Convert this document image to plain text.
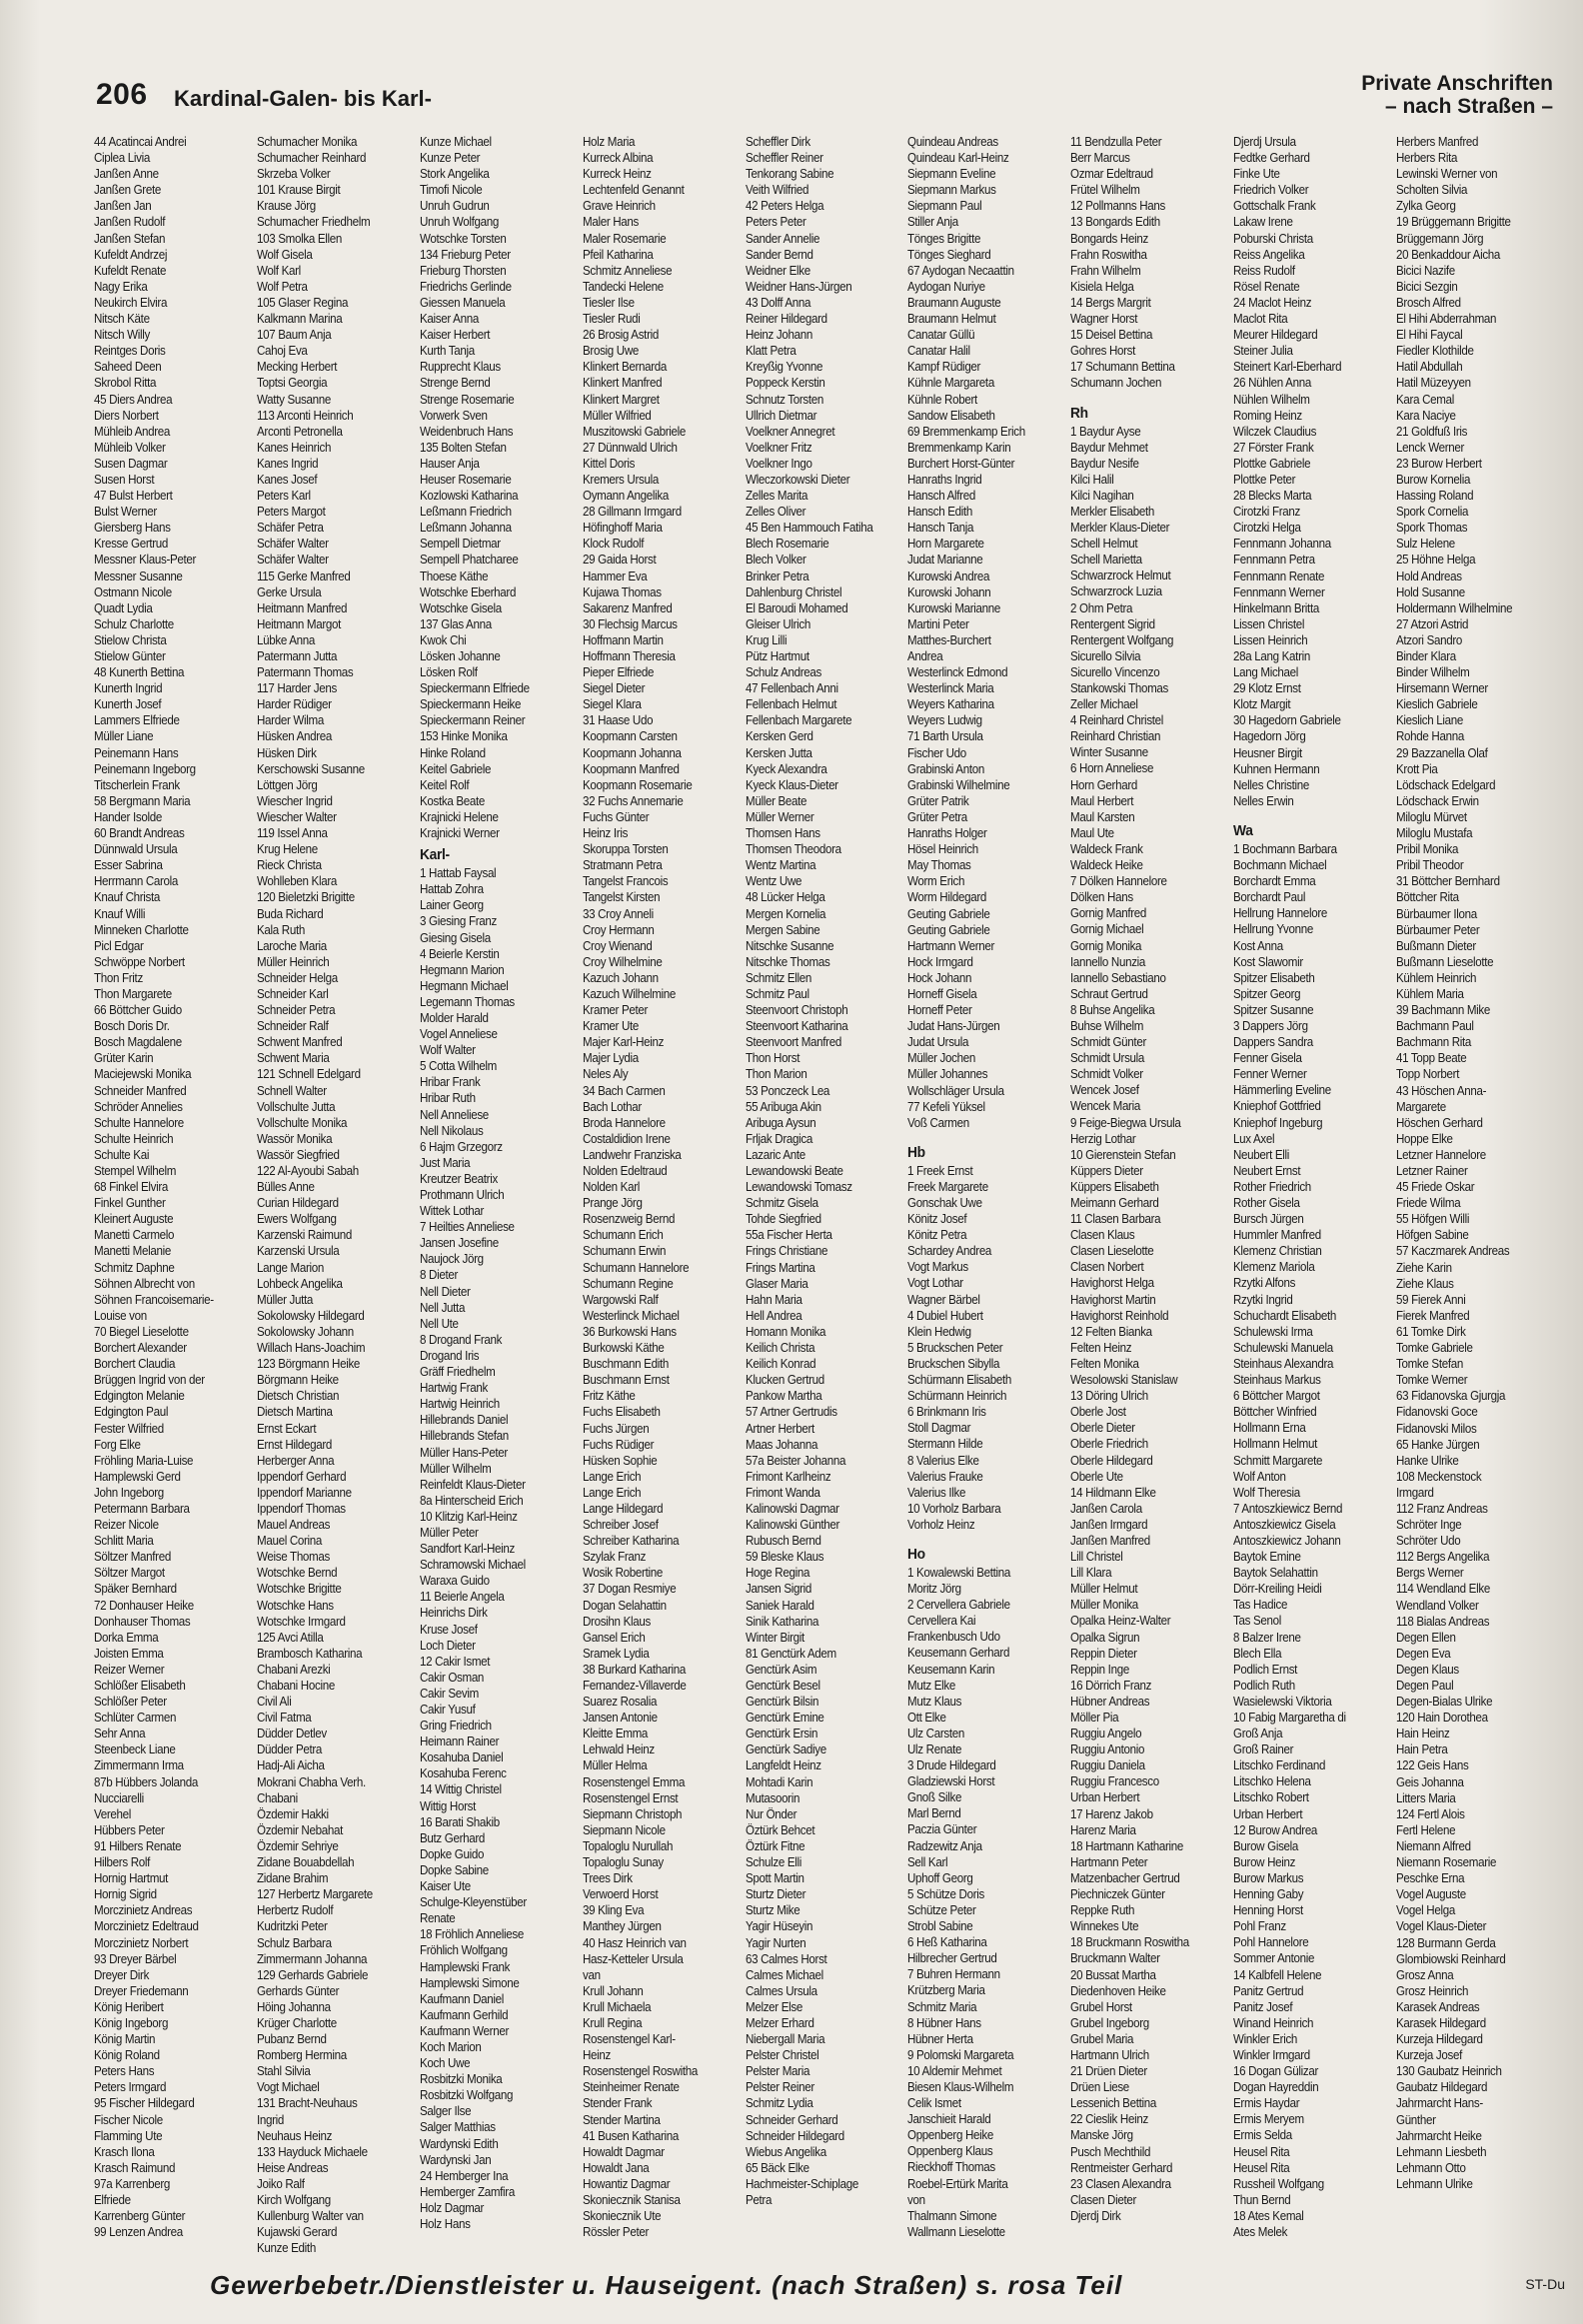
206 Kardinal-Galen- bis Karl-
Private Anschriften
– nach Straßen –
44 Acatincai Andrei
Ciplea Livia
Janßen Anne
Janßen Grete
Janßen Jan
Janßen Rudolf
Janßen Stefan
Kufeldt Andrzej
Kufeldt Renate
Nagy Erika
Neukirch Elvira
Nitsch Käte
Nitsch Willy
Reintges Doris
Saheed Deen
Skrobol Ritta
45 Diers Andrea
Diers Norbert
Mühleib Andrea
Mühleib Volker
Susen Dagmar
Susen Horst
47 Bulst Herbert
Bulst Werner
Giersberg Hans
Kresse Gertrud
Messner Klaus-Peter
Messner Susanne
Ostmann Nicole
Quadt Lydia
Schulz Charlotte
Stielow Christa
Stielow Günter
48 Kunerth Bettina
Kunerth Ingrid
Kunerth Josef
Lammers Elfriede
Müller Liane
Peinemann Hans
Peinemann Ingeborg
Titscherlein Frank
58 Bergmann Maria
Hander Isolde
60 Brandt Andreas
Dünnwald Ursula
Esser Sabrina
Herrmann Carola
Knauf Christa
Knauf Willi
Minneken Charlotte
Picl Edgar
Schwöppe Norbert
Thon Fritz
Thon Margarete
66 Böttcher Guido
Bosch Doris Dr.
Bosch Magdalene
Grüter Karin
Maciejewski Monika
Schneider Manfred
Schröder Annelies
Schulte Hannelore
Schulte Heinrich
Schulte Kai
Stempel Wilhelm
68 Finkel Elvira
Finkel Gunther
Kleinert Auguste
Manetti Carmelo
Manetti Melanie
Schmitz Daphne
Söhnen Albrecht von
Söhnen Francoisemarie-
Louise von
70 Biegel Lieselotte
Borchert Alexander
Borchert Claudia
Brüggen Ingrid von der
Edgington Melanie
Edgington Paul
Fester Wilfried
Forg Elke
Fröhling Maria-Luise
Hamplewski Gerd
John Ingeborg
Petermann Barbara
Reizer Nicole
Schlitt Maria
Söltzer Manfred
Söltzer Margot
Späker Bernhard
72 Donhauser Heike
Donhauser Thomas
Dorka Emma
Joisten Emma
Reizer Werner
Schlößer Elisabeth
Schlößer Peter
Schlüter Carmen
Sehr Anna
Steenbeck Liane
Zimmermann Irma
87b Hübbers Jolanda
Nucciarelli
Verehel
Hübbers Peter
91 Hilbers Renate
Hilbers Rolf
Hornig Hartmut
Hornig Sigrid
Morczinietz Andreas
Morczinietz Edeltraud
Morczinietz Norbert
93 Dreyer Bärbel
Dreyer Dirk
Dreyer Friedemann
König Heribert
König Ingeborg
König Martin
König Roland
Peters Hans
Peters Irmgard
95 Fischer Hildegard
Fischer Nicole
Flamming Ute
Krasch Ilona
Krasch Raimund
97a Karrenberg
Elfriede
Karrenberg Günter
99 Lenzen Andrea
Schumacher Monika
Schumacher Reinhard
Skrzeba Volker
101 Krause Birgit
Krause Jörg
Schumacher Friedhelm
103 Smolka Ellen
Wolf Gisela
Wolf Karl
Wolf Petra
105 Glaser Regina
Kalkmann Marina
107 Baum Anja
Cahoj Eva
Mecking Herbert
Toptsi Georgia
Watty Susanne
113 Arconti Heinrich
Arconti Petronella
Kanes Heinrich
Kanes Ingrid
Kanes Josef
Peters Karl
Peters Margot
Schäfer Petra
Schäfer Walter
Schäfer Walter
115 Gerke Manfred
Gerke Ursula
Heitmann Manfred
Heitmann Margot
Lübke Anna
Patermann Jutta
Patermann Thomas
117 Harder Jens
Harder Rüdiger
Harder Wilma
Hüsken Andrea
Hüsken Dirk
Kerschowski Susanne
Löttgen Jörg
Wiescher Ingrid
Wiescher Walter
119 Issel Anna
Krug Helene
Rieck Christa
Wohlleben Klara
120 Bieletzki Brigitte
Buda Richard
Kala Ruth
Laroche Maria
Müller Heinrich
Schneider Helga
Schneider Karl
Schneider Petra
Schneider Ralf
Schwent Manfred
Schwent Maria
121 Schnell Edelgard
Schnell Walter
Vollschulte Jutta
Vollschulte Monika
Wassör Monika
Wassör Siegfried
122 Al-Ayoubi Sabah
Bülles Anne
Curian Hildegard
Ewers Wolfgang
Karzenski Raimund
Karzenski Ursula
Lange Marion
Lohbeck Angelika
Müller Jutta
Sokolowsky Hildegard
Sokolowsky Johann
Willach Hans-Joachim
123 Börgmann Heike
Börgmann Heike
Dietsch Christian
Dietsch Martina
Ernst Eckart
Ernst Hildegard
Herberger Anna
Ippendorf Gerhard
Ippendorf Marianne
Ippendorf Thomas
Mauel Andreas
Mauel Corina
Weise Thomas
Wotschke Bernd
Wotschke Brigitte
Wotschke Hans
Wotschke Irmgard
125 Avci Atilla
Brambosch Katharina
Chabani Arezki
Chabani Hocine
Civil Ali
Civil Fatma
Düdder Detlev
Düdder Petra
Hadj-Ali Aicha
Mokrani Chabha Verh.
Chabani
Özdemir Hakki
Özdemir Nebahat
Özdemir Sehriye
Zidane Bouabdellah
Zidane Brahim
127 Herbertz Margarete
Herbertz Rudolf
Kudritzki Peter
Schulz Barbara
Zimmermann Johanna
129 Gerhards Gabriele
Gerhards Günter
Höing Johanna
Krüger Charlotte
Pubanz Bernd
Romberg Hermina
Stahl Silvia
Vogt Michael
131 Bracht-Neuhaus
Ingrid
Neuhaus Heinz
133 Hayduck Michaele
Heise Andreas
Joiko Ralf
Kirch Wolfgang
Kullenburg Walter van
Kujawski Gerard
Kunze Edith
Kunze Michael
Kunze Peter
Stork Angelika
Timofi Nicole
Unruh Gudrun
Unruh Wolfgang
Wotschke Torsten
134 Frieburg Peter
Frieburg Thorsten
Friedrichs Gerlinde
Giessen Manuela
Kaiser Anna
Kaiser Herbert
Kurth Tanja
Rupprecht Klaus
Strenge Bernd
Strenge Rosemarie
Vorwerk Sven
Weidenbruch Hans
135 Bolten Stefan
Hauser Anja
Heuser Rosemarie
Kozlowski Katharina
Leßmann Friedrich
Leßmann Johanna
Sempell Dietmar
Sempell Phatcharee
Thoese Käthe
Wotschke Eberhard
Wotschke Gisela
137 Glas Anna
Kwok Chi
Lösken Johanne
Lösken Rolf
Spieckermann Elfriede
Spieckermann Heike
Spieckermann Reiner
153 Hinke Monika
Hinke Roland
Keitel Gabriele
Keitel Rolf
Kostka Beate
Krajnicki Helene
Krajnicki Werner
Karl-
1 Hattab Faysal
Hattab Zohra
Lainer Georg
3 Giesing Franz
Giesing Gisela
4 Beierle Kerstin
Hegmann Marion
Hegmann Michael
Legemann Thomas
Molder Harald
Vogel Anneliese
Wolf Walter
5 Cotta Wilhelm
Hribar Frank
Hribar Ruth
Nell Anneliese
Nell Nikolaus
6 Hajm Grzegorz
Just Maria
Kreutzer Beatrix
Prothmann Ulrich
Wittek Lothar
7 Heilties Anneliese
Jansen Josefine
Naujock Jörg
8 Dieter
Nell Dieter
Nell Jutta
Nell Ute
8 Drogand Frank
Drogand Iris
Gräff Friedhelm
Hartwig Frank
Hartwig Heinrich
Hillebrands Daniel
Hillebrands Stefan
Müller Hans-Peter
Müller Wilhelm
Reinfeldt Klaus-Dieter
8a Hinterscheid Erich
10 Klitzig Karl-Heinz
Müller Peter
Sandfort Karl-Heinz
Schramowski Michael
Waraxa Guido
11 Beierle Angela
Heinrichs Dirk
Kruse Josef
Loch Dieter
12 Cakir Ismet
Cakir Osman
Cakir Sevim
Cakir Yusuf
Gring Friedrich
Heimann Rainer
Kosahuba Daniel
Kosahuba Ferenc
14 Wittig Christel
Wittig Horst
16 Barati Shakib
Butz Gerhard
Dopke Guido
Dopke Sabine
Kaiser Ute
Schulge-Kleyenstüber
Renate
18 Fröhlich Anneliese
Fröhlich Wolfgang
Hamplewski Frank
Hamplewski Simone
Kaufmann Daniel
Kaufmann Gerhild
Kaufmann Werner
Koch Marion
Koch Uwe
Rosbitzki Monika
Rosbitzki Wolfgang
Salger Ilse
Salger Matthias
Wardynski Edith
Wardynski Jan
24 Hemberger Ina
Hemberger Zamfira
Holz Dagmar
Holz Hans
Holz Maria
Kurreck Albina
Kurreck Heinz
Lechtenfeld Genannt
Grave Heinrich
Maler Hans
Maler Rosemarie
Pfeil Katharina
Schmitz Anneliese
Tandecki Helene
Tiesler Ilse
Tiesler Rudi
26 Brosig Astrid
Brosig Uwe
Klinkert Bernarda
Klinkert Manfred
Klinkert Margret
Müller Wilfried
Muszitowski Gabriele
27 Dünnwald Ulrich
Kittel Doris
Kremers Ursula
Oymann Angelika
28 Gillmann Irmgard
Höfinghoff Maria
Klock Rudolf
29 Gaida Horst
Hammer Eva
Kujawa Thomas
Sakarenz Manfred
30 Flechsig Marcus
Hoffmann Martin
Hoffmann Theresia
Pieper Elfriede
Siegel Dieter
Siegel Klara
31 Haase Udo
Koopmann Carsten
Koopmann Johanna
Koopmann Manfred
Koopmann Rosemarie
32 Fuchs Annemarie
Fuchs Günter
Heinz Iris
Skoruppa Torsten
Stratmann Petra
Tangelst Francois
Tangelst Kirsten
33 Croy Anneli
Croy Hermann
Croy Wienand
Croy Wilhelmine
Kazuch Johann
Kazuch Wilhelmine
Kramer Peter
Kramer Ute
Majer Karl-Heinz
Majer Lydia
Neles Aly
34 Bach Carmen
Bach Lothar
Broda Hannelore
Costaldidion Irene
Landwehr Franziska
Nolden Edeltraud
Nolden Karl
Prange Jörg
Rosenzweig Bernd
Schumann Erich
Schumann Erwin
Schumann Hannelore
Schumann Regine
Wargowski Ralf
Westerlinck Michael
36 Burkowski Hans
Burkowski Käthe
Buschmann Edith
Buschmann Ernst
Fritz Käthe
Fuchs Elisabeth
Fuchs Jürgen
Fuchs Rüdiger
Hüsken Sophie
Lange Erich
Lange Erich
Lange Hildegard
Schreiber Josef
Schreiber Katharina
Szylak Franz
Wosik Robertine
37 Dogan Resmiye
Dogan Selahattin
Drosihn Klaus
Gansel Erich
Sramek Lydia
38 Burkard Katharina
Fernandez-Villaverde
Suarez Rosalia
Jansen Antonie
Kleitte Emma
Lehwald Heinz
Müller Helma
Rosenstengel Emma
Rosenstengel Ernst
Siepmann Christoph
Siepmann Nicole
Topaloglu Nurullah
Topaloglu Sunay
Trees Dirk
Verwoerd Horst
39 Kling Eva
Manthey Jürgen
40 Hasz Heinrich van
Hasz-Ketteler Ursula
van
Krull Johann
Krull Michaela
Krull Regina
Rosenstengel Karl-
Heinz
Rosenstengel Roswitha
Steinheimer Renate
Stender Frank
Stender Martina
41 Busen Katharina
Howaldt Dagmar
Howaldt Jana
Howantiz Dagmar
Skoniecznik Stanisa
Skoniecznik Ute
Rössler Peter
Scheffler Dirk
Scheffler Reiner
Tenkorang Sabine
Veith Wilfried
42 Peters Helga
Peters Peter
Sander Annelie
Sander Bernd
Weidner Elke
Weidner Hans-Jürgen
43 Dolff Anna
Reiner Hildegard
Heinz Johann
Klatt Petra
Kreyßig Yvonne
Poppeck Kerstin
Schnutz Torsten
Ullrich Dietmar
Voelkner Annegret
Voelkner Fritz
Voelkner Ingo
Wleczorkowski Dieter
Zelles Marita
Zelles Oliver
45 Ben Hammouch Fatiha
Blech Rosemarie
Blech Volker
Brinker Petra
Dahlenburg Christel
El Baroudi Mohamed
Gleiser Ulrich
Krug Lilli
Pütz Hartmut
Schulz Andreas
47 Fellenbach Anni
Fellenbach Helmut
Fellenbach Margarete
Kersken Gerd
Kersken Jutta
Kyeck Alexandra
Kyeck Klaus-Dieter
Müller Beate
Müller Werner
Thomsen Hans
Thomsen Theodora
Wentz Martina
Wentz Uwe
48 Lücker Helga
Mergen Kornelia
Mergen Sabine
Nitschke Susanne
Nitschke Thomas
Schmitz Ellen
Schmitz Paul
Steenvoort Christoph
Steenvoort Katharina
Steenvoort Manfred
Thon Horst
Thon Marion
53 Ponczeck Lea
55 Aribuga Akin
Aribuga Aysun
Frljak Dragica
Lazaric Ante
Lewandowski Beate
Lewandowski Tomasz
Schmitz Gisela
Tohde Siegfried
55a Fischer Herta
Frings Christiane
Frings Martina
Glaser Maria
Hahn Maria
Hell Andrea
Homann Monika
Keilich Christa
Keilich Konrad
Klucken Gertrud
Pankow Martha
57 Artner Gertrudis
Artner Herbert
Maas Johanna
57a Beister Johanna
Frimont Karlheinz
Frimont Wanda
Kalinowski Dagmar
Kalinowski Günther
Rubusch Bernd
59 Bleske Klaus
Hoge Regina
Jansen Sigrid
Saniek Harald
Sinik Katharina
Winter Birgit
81 Genctürk Adem
Genctürk Asim
Genctürk Besel
Genctürk Bilsin
Genctürk Emine
Genctürk Ersin
Genctürk Sadiye
Langfeldt Heinz
Mohtadi Karin
Mutasoorin
Nur Önder
Öztürk Behcet
Öztürk Fitne
Schulze Elli
Spott Martin
Sturtz Dieter
Sturtz Mike
Yagir Hüseyin
Yagir Nurten
63 Calmes Horst
Calmes Michael
Calmes Ursula
Melzer Else
Melzer Erhard
Niebergall Maria
Pelster Christel
Pelster Maria
Pelster Reiner
Schmitz Lydia
Schneider Gerhard
Schneider Hildegard
Wiebus Angelika
65 Bäck Elke
Hachmeister-Schiplage
Petra
Quindeau Andreas
Quindeau Karl-Heinz
Siepmann Eveline
Siepmann Markus
Siepmann Paul
Stiller Anja
Tönges Brigitte
Tönges Sieghard
67 Aydogan Necaattin
Aydogan Nuriye
Braumann Auguste
Braumann Helmut
Canatar Güllü
Canatar Halil
Kampf Rüdiger
Kühnle Margareta
Kühnle Robert
Sandow Elisabeth
69 Bremmenkamp Erich
Bremmenkamp Karin
Burchert Horst-Günter
Hanraths Ingrid
Hansch Alfred
Hansch Edith
Hansch Tanja
Horn Margarete
Judat Marianne
Kurowski Andrea
Kurowski Johann
Kurowski Marianne
Martini Peter
Matthes-Burchert
Andrea
Westerlinck Edmond
Westerlinck Maria
Weyers Katharina
Weyers Ludwig
71 Barth Ursula
Fischer Udo
Grabinski Anton
Grabinski Wilhelmine
Grüter Patrik
Grüter Petra
Hanraths Holger
Hösel Heinrich
May Thomas
Worm Erich
Worm Hildegard
Geuting Gabriele
Geuting Gabriele
Hartmann Werner
Hock Irmgard
Hock Johann
Horneff Gisela
Horneff Peter
Judat Hans-Jürgen
Judat Ursula
Müller Jochen
Müller Johannes
Wollschläger Ursula
77 Kefeli Yüksel
Voß Carmen
Hb
1 Freek Ernst
Freek Margarete
Gonschak Uwe
Könitz Josef
Könitz Petra
Schardey Andrea
Vogt Markus
Vogt Lothar
Wagner Bärbel
4 Dubiel Hubert
Klein Hedwig
5 Bruckschen Peter
Bruckschen Sibylla
Schürmann Elisabeth
Schürmann Heinrich
6 Brinkmann Iris
Stoll Dagmar
Stermann Hilde
8 Valerius Elke
Valerius Frauke
Valerius Ilke
10 Vorholz Barbara
Vorholz Heinz
Ho
1 Kowalewski Bettina
Moritz Jörg
2 Cervellera Gabriele
Cervellera Kai
Frankenbusch Udo
Keusemann Gerhard
Keusemann Karin
Mutz Elke
Mutz Klaus
Ott Elke
Ulz Carsten
Ulz Renate
3 Drude Hildegard
Gladziewski Horst
Gnoß Silke
Marl Bernd
Paczia Günter
Radzewitz Anja
Sell Karl
Uphoff Georg
5 Schütze Doris
Schütze Peter
Strobl Sabine
6 Heß Katharina
Hilbrecher Gertrud
7 Buhren Hermann
Krützberg Maria
Schmitz Maria
8 Hübner Hans
Hübner Herta
9 Polomski Margareta
10 Aldemir Mehmet
Biesen Klaus-Wilhelm
Celik Ismet
Janschieit Harald
Oppenberg Heike
Oppenberg Klaus
Rieckhoff Thomas
Roebel-Ertürk Marita
von
Thalmann Simone
Wallmann Lieselotte
11 Bendzulla Peter
Berr Marcus
Ozmar Edeltraud
Frütel Wilhelm
12 Pollmanns Hans
13 Bongards Edith
Bongards Heinz
Frahn Roswitha
Frahn Wilhelm
Kisiela Helga
14 Bergs Margrit
Wagner Horst
15 Deisel Bettina
Gohres Horst
17 Schumann Bettina
Schumann Jochen
Rh
1 Baydur Ayse
Baydur Mehmet
Baydur Nesife
Kilci Halil
Kilci Nagihan
Merkler Elisabeth
Merkler Klaus-Dieter
Schell Helmut
Schell Marietta
Schwarzrock Helmut
Schwarzrock Luzia
2 Ohm Petra
Rentergent Sigrid
Rentergent Wolfgang
Sicurello Silvia
Sicurello Vincenzo
Stankowski Thomas
Zeller Michael
4 Reinhard Christel
Reinhard Christian
Winter Susanne
6 Horn Anneliese
Horn Gerhard
Maul Herbert
Maul Karsten
Maul Ute
Waldeck Frank
Waldeck Heike
7 Dölken Hannelore
Dölken Hans
Gornig Manfred
Gornig Michael
Gornig Monika
Iannello Nunzia
Iannello Sebastiano
Schraut Gertrud
8 Buhse Angelika
Buhse Wilhelm
Schmidt Günter
Schmidt Ursula
Schmidt Volker
Wencek Josef
Wencek Maria
9 Feige-Biegwa Ursula
Herzig Lothar
10 Gierenstein Stefan
Küppers Dieter
Küppers Elisabeth
Meimann Gerhard
11 Clasen Barbara
Clasen Klaus
Clasen Lieselotte
Clasen Norbert
Havighorst Helga
Havighorst Martin
Havighorst Reinhold
12 Felten Bianka
Felten Heinz
Felten Monika
Wesolowski Stanislaw
13 Döring Ulrich
Oberle Jost
Oberle Dieter
Oberle Friedrich
Oberle Hildegard
Oberle Ute
14 Hildmann Elke
Janßen Carola
Janßen Irmgard
Janßen Manfred
Lill Christel
Lill Klara
Müller Helmut
Müller Monika
Opalka Heinz-Walter
Opalka Sigrun
Reppin Dieter
Reppin Inge
16 Dörrich Franz
Hübner Andreas
Möller Pia
Ruggiu Angelo
Ruggiu Antonio
Ruggiu Daniela
Ruggiu Francesco
Urban Herbert
17 Harenz Jakob
Harenz Maria
18 Hartmann Katharine
Hartmann Peter
Matzenbacher Gertrud
Piechniczek Günter
Reppke Ruth
Winnekes Ute
18 Bruckmann Roswitha
Bruckmann Walter
20 Bussat Martha
Diedenhoven Heike
Grubel Horst
Grubel Ingeborg
Grubel Maria
Hartmann Ulrich
21 Drüen Dieter
Drüen Liese
Lessenich Bettina
22 Cieslik Heinz
Manske Jörg
Pusch Mechthild
Rentmeister Gerhard
23 Clasen Alexandra
Clasen Dieter
Djerdj Dirk
Djerdj Ursula
Fedtke Gerhard
Finke Ute
Friedrich Volker
Gottschalk Frank
Lakaw Irene
Poburski Christa
Reiss Angelika
Reiss Rudolf
Rösel Renate
24 Maclot Heinz
Maclot Rita
Meurer Hildegard
Steiner Julia
Steinert Karl-Eberhard
26 Nühlen Anna
Nühlen Wilhelm
Roming Heinz
Wilczek Claudius
27 Förster Frank
Plottke Gabriele
Plottke Peter
28 Blecks Marta
Cirotzki Franz
Cirotzki Helga
Fennmann Johanna
Fennmann Petra
Fennmann Renate
Fennmann Werner
Hinkelmann Britta
Lissen Christel
Lissen Heinrich
28a Lang Katrin
Lang Michael
29 Klotz Ernst
Klotz Margit
30 Hagedorn Gabriele
Hagedorn Jörg
Heusner Birgit
Kuhnen Hermann
Nelles Christine
Nelles Erwin
Wa
1 Bochmann Barbara
Bochmann Michael
Borchardt Emma
Borchardt Paul
Hellrung Hannelore
Hellrung Yvonne
Kost Anna
Kost Slawomir
Spitzer Elisabeth
Spitzer Georg
Spitzer Susanne
3 Dappers Jörg
Dappers Sandra
Fenner Gisela
Fenner Werner
Hämmerling Eveline
Kniephof Gottfried
Kniephof Ingeburg
Lux Axel
Neubert Elli
Neubert Ernst
Rother Friedrich
Rother Gisela
Bursch Jürgen
Hummler Manfred
Klemenz Christian
Klemenz Mariola
Rzytki Alfons
Rzytki Ingrid
Schuchardt Elisabeth
Schulewski Irma
Schulewski Manuela
Steinhaus Alexandra
Steinhaus Markus
6 Böttcher Margot
Böttcher Winfried
Hollmann Erna
Hollmann Helmut
Schmitt Margarete
Wolf Anton
Wolf Theresia
7 Antoszkiewicz Bernd
Antoszkiewicz Gisela
Antoszkiewicz Johann
Baytok Emine
Baytok Selahattin
Dörr-Kreiling Heidi
Tas Hadice
Tas Senol
8 Balzer Irene
Blech Ella
Podlich Ernst
Podlich Ruth
Wasielewski Viktoria
10 Fabig Margaretha di
Groß Anja
Groß Rainer
Litschko Ferdinand
Litschko Helena
Litschko Robert
Urban Herbert
12 Burow Andrea
Burow Gisela
Burow Heinz
Burow Markus
Henning Gaby
Henning Horst
Pohl Franz
Pohl Hannelore
Sommer Antonie
14 Kalbfell Helene
Panitz Gertrud
Panitz Josef
Winand Heinrich
Winkler Erich
Winkler Irmgard
16 Dogan Gülizar
Dogan Hayreddin
Ermis Haydar
Ermis Meryem
Ermis Selda
Heusel Rita
Heusel Rita
Russheil Wolfgang
Thun Bernd
18 Ates Kemal
Ates Melek
Herbers Manfred
Herbers Rita
Lewinski Werner von
Scholten Silvia
Zylka Georg
19 Brüggemann Brigitte
Brüggemann Jörg
20 Benkaddour Aicha
Bicici Nazife
Bicici Sezgin
Brosch Alfred
El Hihi Abderrahman
El Hihi Faycal
Fiedler Klothilde
Hatil Abdullah
Hatil Müzeyyen
Kara Cemal
Kara Naciye
21 Goldfuß Iris
Lenck Werner
23 Burow Herbert
Burow Kornelia
Hassing Roland
Spork Cornelia
Spork Thomas
Sulz Helene
25 Höhne Helga
Hold Andreas
Hold Susanne
Holdermann Wilhelmine
27 Atzori Astrid
Atzori Sandro
Binder Klara
Binder Wilhelm
Hirsemann Werner
Kieslich Gabriele
Kieslich Liane
Rohde Hanna
29 Bazzanella Olaf
Krott Pia
Lödschack Edelgard
Lödschack Erwin
Miloglu Mürvet
Miloglu Mustafa
Pribil Monika
Pribil Theodor
31 Böttcher Bernhard
Böttcher Rita
Bürbaumer Ilona
Bürbaumer Peter
Bußmann Dieter
Bußmann Lieselotte
Kühlem Heinrich
Kühlem Maria
39 Bachmann Mike
Bachmann Paul
Bachmann Rita
41 Topp Beate
Topp Norbert
43 Höschen Anna-
Margarete
Höschen Gerhard
Hoppe Elke
Letzner Hannelore
Letzner Rainer
45 Friede Oskar
Friede Wilma
55 Höfgen Willi
Höfgen Sabine
57 Kaczmarek Andreas
Ziehe Karin
Ziehe Klaus
59 Fierek Anni
Fierek Manfred
61 Tomke Dirk
Tomke Gabriele
Tomke Stefan
Tomke Werner
63 Fidanovska Gjurgja
Fidanovski Goce
Fidanovski Milos
65 Hanke Jürgen
Hanke Ulrike
108 Meckenstock
Irmgard
112 Franz Andreas
Schröter Inge
Schröter Udo
112 Bergs Angelika
Bergs Werner
114 Wendland Elke
Wendland Volker
118 Bialas Andreas
Degen Ellen
Degen Eva
Degen Klaus
Degen Paul
Degen-Bialas Ulrike
120 Hain Dorothea
Hain Heinz
Hain Petra
122 Geis Hans
Geis Johanna
Litters Maria
124 Fertl Alois
Fertl Helene
Niemann Alfred
Niemann Rosemarie
Peschke Erna
Vogel Auguste
Vogel Helga
Vogel Klaus-Dieter
128 Burmann Gerda
Glombiowski Reinhard
Grosz Anna
Grosz Heinrich
Karasek Andreas
Karasek Hildegard
Kurzeja Hildegard
Kurzeja Josef
130 Gaubatz Heinrich
Gaubatz Hildegard
Jahrmarcht Hans-
Günther
Jahrmarcht Heike
Lehmann Liesbeth
Lehmann Otto
Lehmann Ulrike
Gewerbebetr./Dienstleister u. Hauseigent. (nach Straßen) s. rosa Teil	ST-Du
